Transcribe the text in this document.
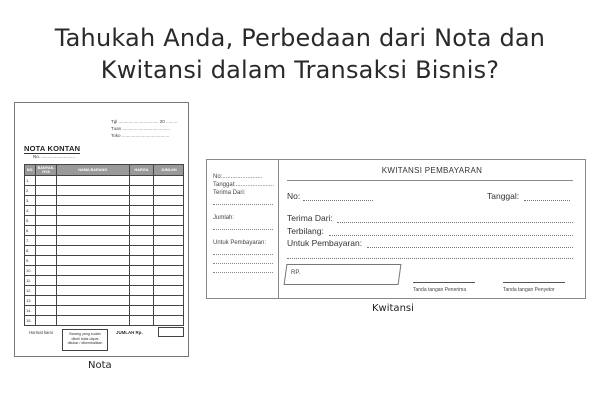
Tahukah Anda, Perbedaan dari Nota dan
Kwitansi dalam Transaksi Bisnis?
Tgl ................................ 20 .........
Tuan ......................................
Toko ......................................
NOTA KONTAN
No. ...........................
NO.	BANYAK-NYA	NAMA BARANG	HARGA	JUMLAH
1.				
2.				
3.				
4.				
5.				
6.				
7.				
8.				
9.				
10.				
11.				
12.				
13.				
14.				
15.				
Hormat kami	Barang yang sudah dibeli tidak dapat ditukar / dikembalikan
JUMLAH Rp.
Nota
No:........................
Tanggal:.......................
Terima Dari:
Jumlah:
Untuk Pembayaran:
KWITANSI PEMBAYARAN
No:	Tanggal:
Terima Dari:
Terbilang:
Untuk Pembayaran:
RP.
Tanda tangan Penerima	Tanda tangan Penyetor
Kwitansi
